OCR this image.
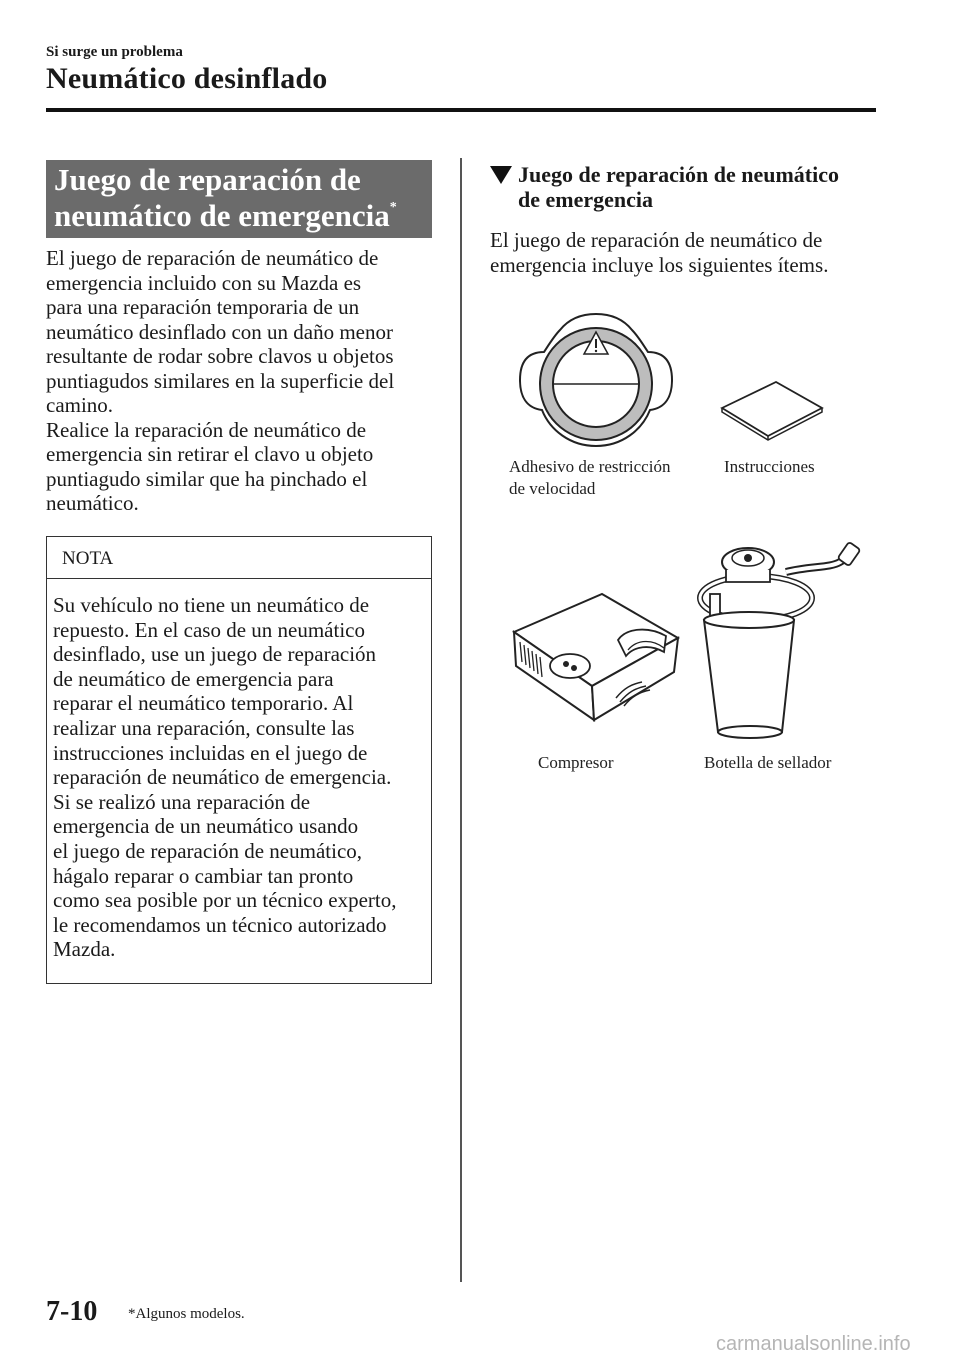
Si surge un problema
Neumático desinflado
Juego de reparación de
neumático de emergencia*
El juego de reparación de neumático de
emergencia incluido con su Mazda es
para una reparación temporaria de un
neumático desinflado con un daño menor
resultante de rodar sobre clavos u objetos
puntiagudos similares en la superficie del
camino.
Realice la reparación de neumático de
emergencia sin retirar el clavo u objeto
puntiagudo similar que ha pinchado el
neumático.
NOTA
Su vehículo no tiene un neumático de
repuesto. En el caso de un neumático
desinflado, use un juego de reparación
de neumático de emergencia para
reparar el neumático temporario. Al
realizar una reparación, consulte las
instrucciones incluidas en el juego de
reparación de neumático de emergencia.
Si se realizó una reparación de
emergencia de un neumático usando
el juego de reparación de neumático,
hágalo reparar o cambiar tan pronto
como sea posible por un técnico experto,
le recomendamos un técnico autorizado
Mazda.
Juego de reparación de neumático
de emergencia
El juego de reparación de neumático de
emergencia incluye los siguientes ítems.
Adhesivo de restricción
de velocidad
Instrucciones
Compresor	Botella de sellador
7-10 *Algunos modelos.
carmanualsonline.info
